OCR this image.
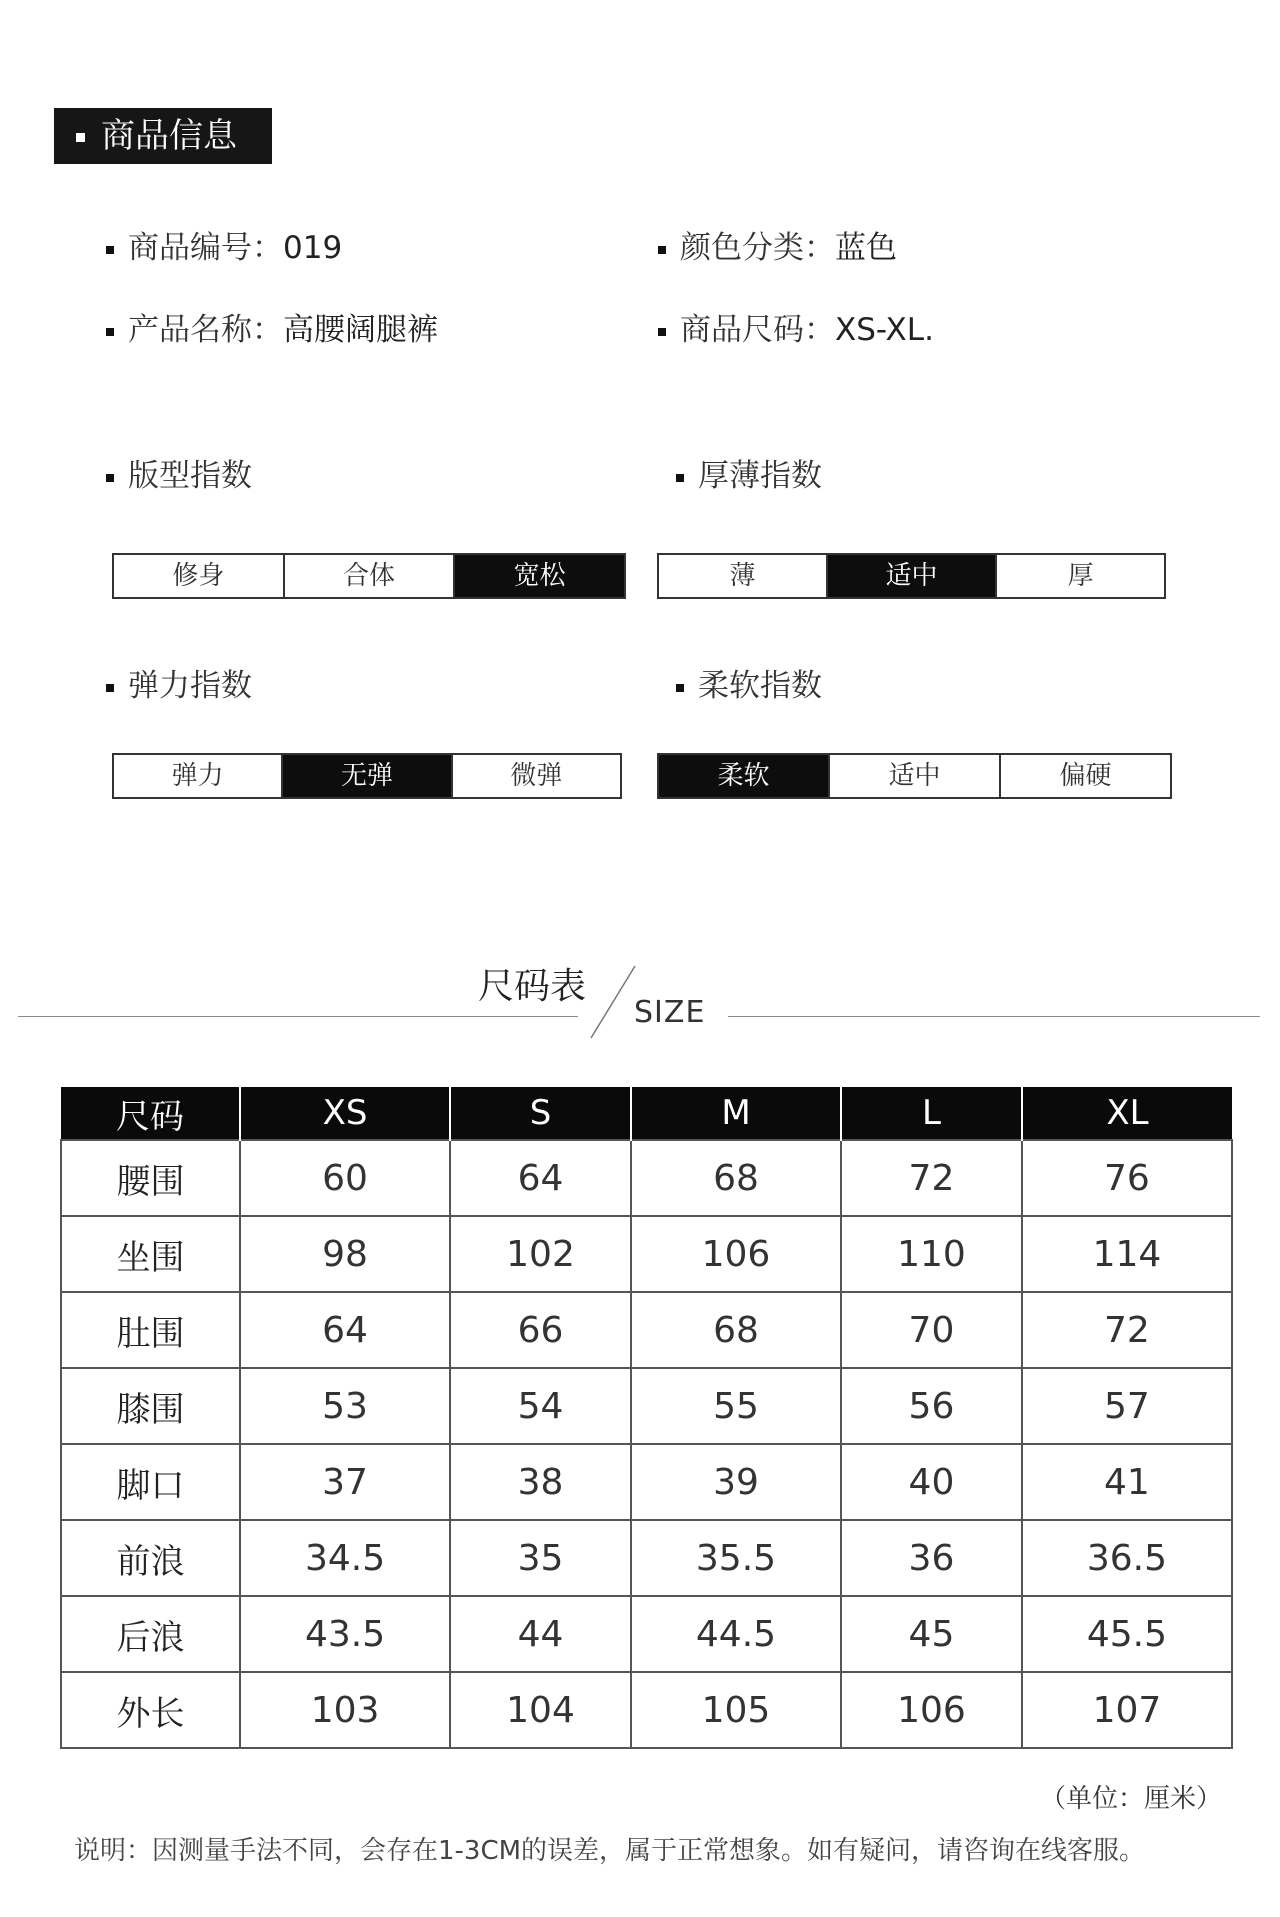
商品信息
商品编号：019	颜色分类：蓝色
产品名称：高腰阔腿裤	商品尺码：XS-XL.
版型指数	厚薄指数
修身	合体	宽松	薄	适中	厚
弹力指数	柔软指数
弹力	无弹	微弹	柔软	适中	偏硬
尺码表
SIZE
尺码	XS	S	M	L	XL
腰围	60	64	68	72	76
坐围	98	102	106	110	114
肚围	64	66	68	70	72
膝围	53	54	55	56	57
脚口	37	38	39	40	41
前浪	34.5	35	35.5	36	36.5
后浪	43.5	44	44.5	45	45.5
外长	103	104	105	106	107
（单位：厘米）
说明：因测量手法不同，会存在1-3CM的误差，属于正常想象。如有疑问，请咨询在线客服。
